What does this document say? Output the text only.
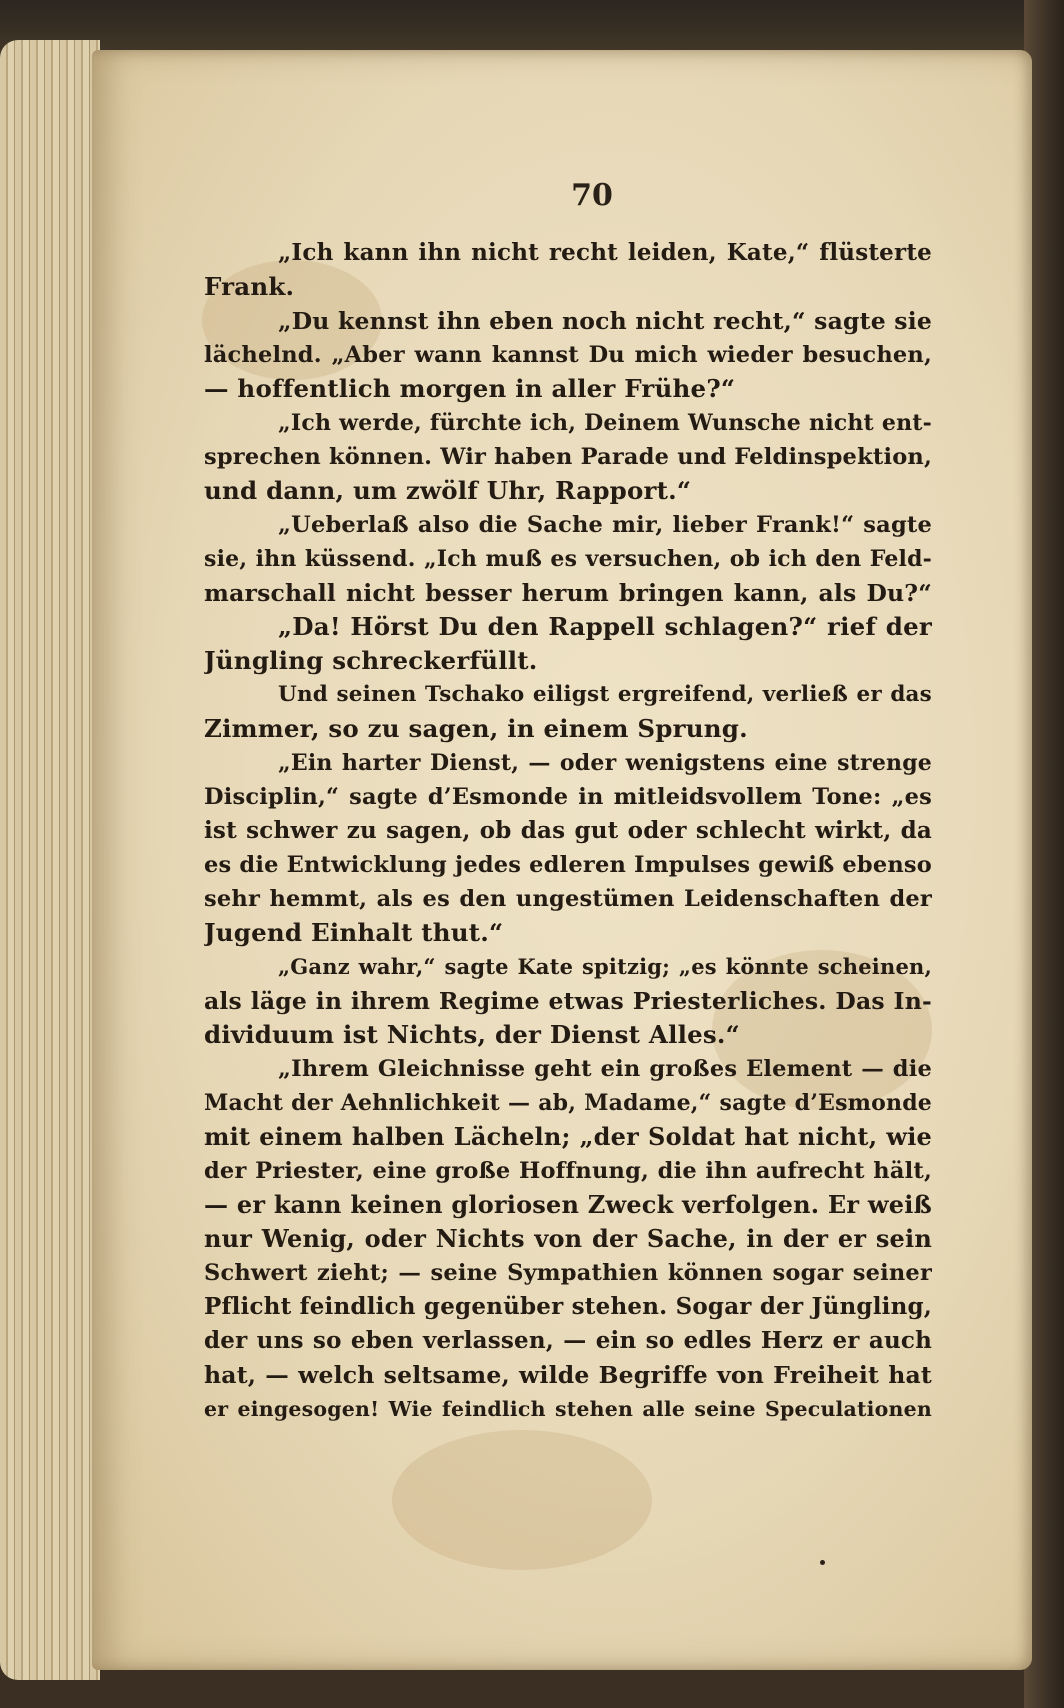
70
„Ich kann ihn nicht recht leiden, Kate,“ flüsterte
Frank.
„Du kennst ihn eben noch nicht recht,“ sagte sie
lächelnd. „Aber wann kannst Du mich wieder besuchen,
— hoffentlich morgen in aller Frühe?“
„Ich werde, fürchte ich, Deinem Wunsche nicht ent-
sprechen können. Wir haben Parade und Feldinspektion,
und dann, um zwölf Uhr, Rapport.“
„Ueberlaß also die Sache mir, lieber Frank!“ sagte
sie, ihn küssend. „Ich muß es versuchen, ob ich den Feld-
marschall nicht besser herum bringen kann, als Du?“
„Da! Hörst Du den Rappell schlagen?“ rief der
Jüngling schreckerfüllt.
Und seinen Tschako eiligst ergreifend, verließ er das
Zimmer, so zu sagen, in einem Sprung.
„Ein harter Dienst, — oder wenigstens eine strenge
Disciplin,“ sagte d’Esmonde in mitleidsvollem Tone: „es
ist schwer zu sagen, ob das gut oder schlecht wirkt, da
es die Entwicklung jedes edleren Impulses gewiß ebenso
sehr hemmt, als es den ungestümen Leidenschaften der
Jugend Einhalt thut.“
„Ganz wahr,“ sagte Kate spitzig; „es könnte scheinen,
als läge in ihrem Regime etwas Priesterliches. Das In-
dividuum ist Nichts, der Dienst Alles.“
„Ihrem Gleichnisse geht ein großes Element — die
Macht der Aehnlichkeit — ab, Madame,“ sagte d’Esmonde
mit einem halben Lächeln; „der Soldat hat nicht, wie
der Priester, eine große Hoffnung, die ihn aufrecht hält,
— er kann keinen gloriosen Zweck verfolgen. Er weiß
nur Wenig, oder Nichts von der Sache, in der er sein
Schwert zieht; — seine Sympathien können sogar seiner
Pflicht feindlich gegenüber stehen. Sogar der Jüngling,
der uns so eben verlassen, — ein so edles Herz er auch
hat, — welch seltsame, wilde Begriffe von Freiheit hat
er eingesogen! Wie feindlich stehen alle seine Speculationen
